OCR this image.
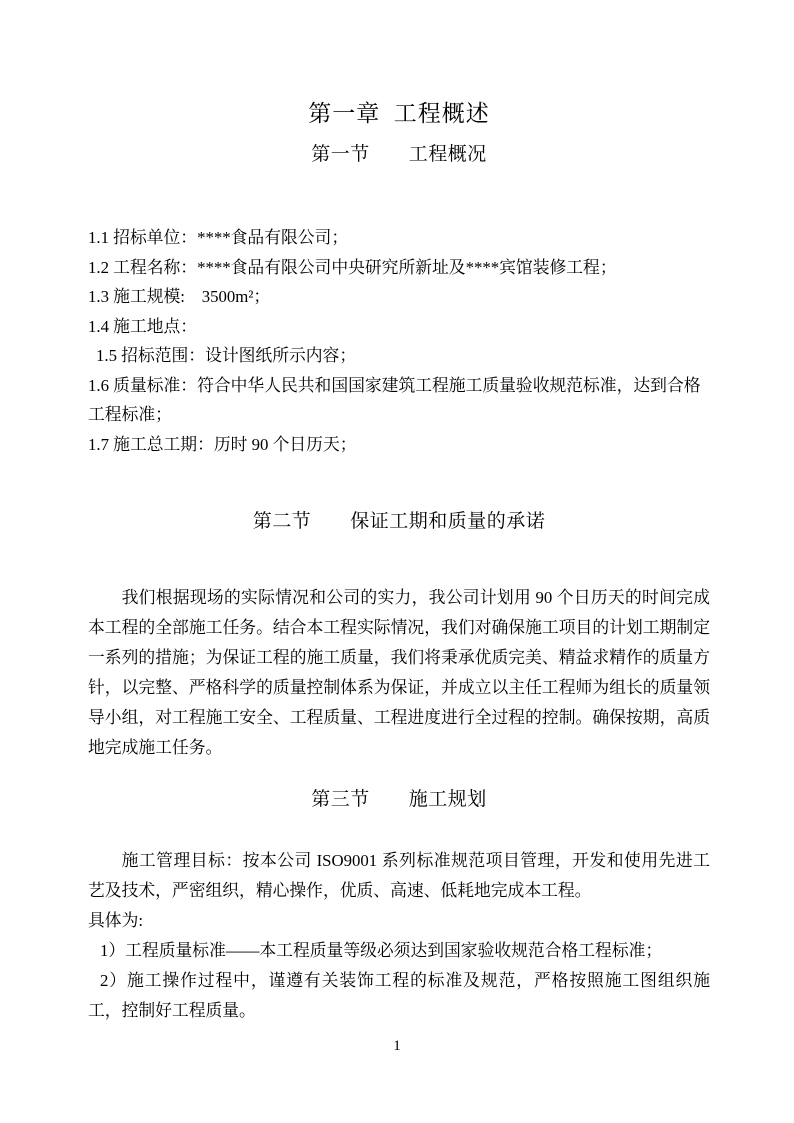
第一章  工程概述
第一节　　工程概况

1.1 招标单位：****食品有限公司；

1.2 工程名称：****食品有限公司中央研究所新址及****宾馆装修工程；

1.3 施工规模:　3500m²；

1.4 施工地点：

1.5 招标范围：设计图纸所示内容；

1.6 质量标准：符合中华人民共和国国家建筑工程施工质量验收规范标准，达到合格工程标准；

1.7 施工总工期：历时 90 个日历天；

第二节　　保证工期和质量的承诺

我们根据现场的实际情况和公司的实力，我公司计划用 90 个日历天的时间完成本工程的全部施工任务。结合本工程实际情况，我们对确保施工项目的计划工期制定一系列的措施；为保证工程的施工质量，我们将秉承优质完美、精益求精作的质量方针，以完整、严格科学的质量控制体系为保证，并成立以主任工程师为组长的质量领导小组，对工程施工安全、工程质量、工程进度进行全过程的控制。确保按期，高质地完成施工任务。

第三节　　施工规划

施工管理目标：按本公司 ISO9001 系列标准规范项目管理，开发和使用先进工艺及技术，严密组织，精心操作，优质、高速、低耗地完成本工程。

具体为:

1）工程质量标准——本工程质量等级必须达到国家验收规范合格工程标准；

2）施工操作过程中，谨遵有关装饰工程的标准及规范，严格按照施工图组织施工，控制好工程质量。

1
